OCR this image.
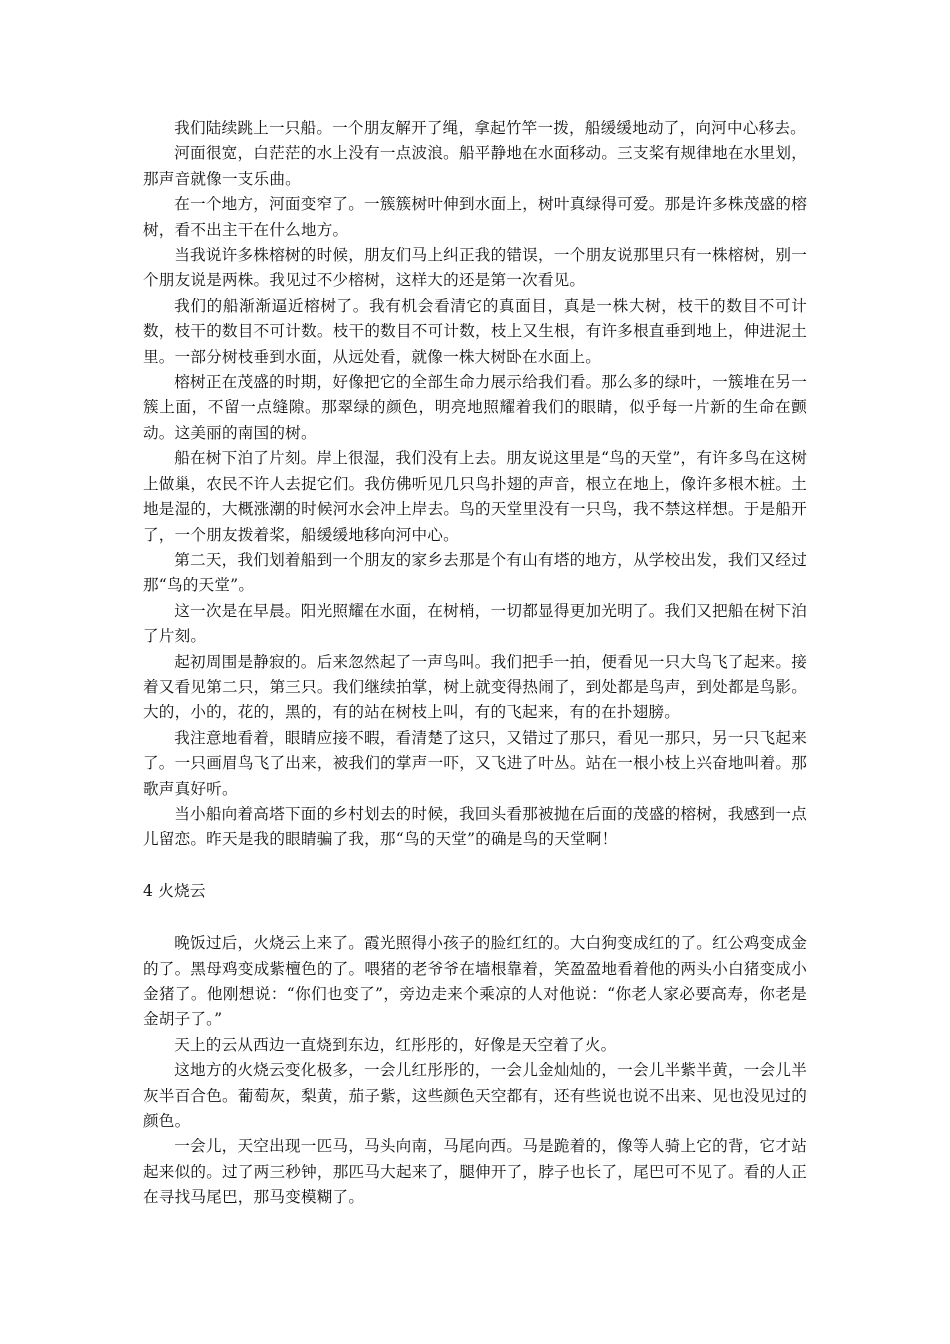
我们陆续跳上一只船。一个朋友解开了绳，拿起竹竿一拨，船缓缓地动了，向河中心移去。

河面很宽，白茫茫的水上没有一点波浪。船平静地在水面移动。三支桨有规律地在水里划，那声音就像一支乐曲。

在一个地方，河面变窄了。一簇簇树叶伸到水面上，树叶真绿得可爱。那是许多株茂盛的榕树，看不出主干在什么地方。

当我说许多株榕树的时候，朋友们马上纠正我的错误，一个朋友说那里只有一株榕树，别一个朋友说是两株。我见过不少榕树，这样大的还是第一次看见。

我们的船渐渐逼近榕树了。我有机会看清它的真面目，真是一株大树，枝干的数目不可计数，枝干的数目不可计数。枝干的数目不可计数，枝上又生根，有许多根直垂到地上，伸进泥土里。一部分树枝垂到水面，从远处看，就像一株大树卧在水面上。

榕树正在茂盛的时期，好像把它的全部生命力展示给我们看。那么多的绿叶，一簇堆在另一簇上面，不留一点缝隙。那翠绿的颜色，明亮地照耀着我们的眼睛，似乎每一片新的生命在颤动。这美丽的南国的树。

船在树下泊了片刻。岸上很湿，我们没有上去。朋友说这里是“鸟的天堂”，有许多鸟在这树上做巢，农民不许人去捉它们。我仿佛听见几只鸟扑翅的声音，根立在地上，像许多根木桩。土地是湿的，大概涨潮的时候河水会冲上岸去。鸟的天堂里没有一只鸟，我不禁这样想。于是船开了，一个朋友拨着桨，船缓缓地移向河中心。

第二天，我们划着船到一个朋友的家乡去那是个有山有塔的地方，从学校出发，我们又经过那“鸟的天堂”。

这一次是在早晨。阳光照耀在水面，在树梢，一切都显得更加光明了。我们又把船在树下泊了片刻。

起初周围是静寂的。后来忽然起了一声鸟叫。我们把手一拍，便看见一只大鸟飞了起来。接着又看见第二只，第三只。我们继续拍掌，树上就变得热闹了，到处都是鸟声，到处都是鸟影。大的，小的，花的，黑的，有的站在树枝上叫，有的飞起来，有的在扑翅膀。

我注意地看着，眼睛应接不暇，看清楚了这只，又错过了那只，看见一那只，另一只飞起来了。一只画眉鸟飞了出来，被我们的掌声一吓，又飞进了叶丛。站在一根小枝上兴奋地叫着。那歌声真好听。

当小船向着高塔下面的乡村划去的时候，我回头看那被抛在后面的茂盛的榕树，我感到一点儿留恋。昨天是我的眼睛骗了我，那“鸟的天堂”的确是鸟的天堂啊！

4 火烧云

晚饭过后，火烧云上来了。霞光照得小孩子的脸红红的。大白狗变成红的了。红公鸡变成金的了。黑母鸡变成紫檀色的了。喂猪的老爷爷在墙根靠着，笑盈盈地看着他的两头小白猪变成小金猪了。他刚想说：“你们也变了”，旁边走来个乘凉的人对他说：“你老人家必要高寿，你老是金胡子了。”

天上的云从西边一直烧到东边，红彤彤的，好像是天空着了火。

这地方的火烧云变化极多，一会儿红彤彤的，一会儿金灿灿的，一会儿半紫半黄，一会儿半灰半百合色。葡萄灰，梨黄，茄子紫，这些颜色天空都有，还有些说也说不出来、见也没见过的颜色。

一会儿，天空出现一匹马，马头向南，马尾向西。马是跪着的，像等人骑上它的背，它才站起来似的。过了两三秒钟，那匹马大起来了，腿伸开了，脖子也长了，尾巴可不见了。看的人正在寻找马尾巴，那马变模糊了。
